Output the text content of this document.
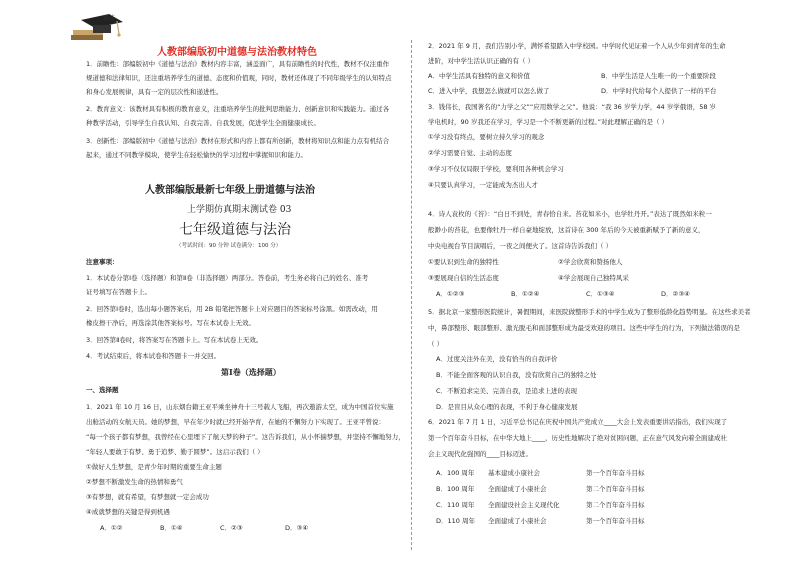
道法
人教部编版初中道德与法治教材特色
1．前瞻性：部编版初中《道德与法治》教材内容丰富，涵盖面广，具有前瞻性的时代性，教材不仅注重作
规道德和法律知识，还注重培养学生的道德、态度和价值观，同时，教材还体现了不同年级学生的认知特点
和身心发展规律，具有一定的层次性和递进性。
2．教育意义：该教材具有积极的教育意义，注重培养学生的批判思维能力、创新意识和实践能力。通过各
种教学活动，引导学生自我认知、自我完善、自我发展，促进学生全面健康成长。
3．创新性：部编版初中《道德与法治》教材在形式和内容上都有所创新，教材将知识点和能力点有机结合
起来，通过不同教学模块，使学生在轻松愉快的学习过程中掌握知识和能力。
人教部编版最新七年级上册道德与法治
上学期仿真期末测试卷 03
七年级道德与法治
（考试时间：90 分钟 试卷满分：100 分）
注意事项：
1．本试卷分第Ⅰ卷（选择题）和第Ⅱ卷（非选择题）两部分。答卷前，考生务必将自己的姓名、准考
证号填写在答题卡上。
2．回答第Ⅰ卷时，选出每小题答案后，用 2B 铅笔把答题卡上对应题目的答案标号涂黑。如需改动，用
橡皮擦干净后，再选涂其他答案标号。写在本试卷上无效。
3．回答第Ⅱ卷时，将答案写在答题卡上。写在本试卷上无效。
4．考试结束后，将本试卷和答题卡一并交回。
第Ⅰ卷（选择题）
一、选择题
1．2021 年 10 月 16 日，山东烟台籍王亚平乘坐神舟十三号载人飞船，再次遨游太空，成为中国首位实施
出舱活动的女航天员。她的梦想，早在年少时就已经开始孕育，在她的不懈努力下实现了。王亚平曾说：
“每一个孩子都有梦想，我曾经在心里埋下了航天梦的种子”。这告诉我们，从小怀揣梦想，并坚持不懈地努力，
“年轻人要敢于有梦、勇于追梦、勤于圆梦”。这启示我们（ ）
①做好人生梦想，是青少年时期的重要生命主题
②梦想不断激发生命的热情和勇气
③有梦想，就有希望，有梦想就一定会成功
④成就梦想的关键是得到机遇
A．①②	B．①④	C．②③	D．③④
2．2021 年 9 月，我们告别小学，满怀希望踏入中学校园。中学时代见证着一个人从少年到青年的生命
进阶，对中学生活认识正确的有（ ）
A．中学生活具有独特的意义和价值	B．中学生活是人生唯一的一个重要阶段
C．进入中学，我想怎么做就可以怎么做了	D．中学时代给每个人提供了一样的平台
3．钱伟长，我国著名的“力学之父”“应用数学之父”。他说：“我 36 岁学力学，44 岁学俄语，58 岁
学电机时，90 岁我还在学习，学习是一个不断更新的过程。”对此理解正确的是（ ）
①学习没有终点，要树立持久学习的观念
②学习需要自觉、主动的态度
③学习不仅仅局限于学校，要利用各种机会学习
④只要认真学习，一定能成为杰出人才
4．诗人袁枚的《苔》：“白日不到处，青春恰自来。苔花如米小，也学牡丹开。”表达了既然如米粒一
般渺小的苔花，也要像牡丹一样自豪地绽放，这首诗在 300 年后的今天被重新赋予了新的意义，
中央电视台节目演唱后，一夜之间便火了。这首诗告诉我们（ ）
①要认识到生命的独特性	②学会欣赏和赞扬他人
③要展现自信的生活态度	④学会展现自己独特风采
A．①②③	B．①②④	C．①③④	D．②③④
5．据北京一家整形医院统计，暑假期间，来医院做整形手术的中学生成为了整形低龄化趋势明显。在这些求美者
中，鼻部整形、眼部整形、激光脱毛和面部整形成为最受欢迎的项目。这些中学生的行为，下列做法错误的是
（ ）
A．过度关注外在美，没有恰当的自我评价
B．不能全面客观的认识自我，没有欣赏自己的独特之处
C．不断追求完美、完善自我，是追求上进的表现
D．是盲目从众心理的表现，不利于身心健康发展
6．2021 年 7 月 1 日，习近平总书记在庆祝中国共产党成立____大会上发表重要讲话指出，我们实现了
第一个百年奋斗目标，在中华大地上____，历史性地解决了绝对贫困问题，正在意气风发向着全面建成社
会主义现代化强国的____目标迈进。
A．100 周年 基本建成小康社会	第一个百年奋斗目标
B．100 周年 全面建成了小康社会	第二个百年奋斗目标
C．110 周年 全面建设社会主义现代化	第二个百年奋斗目标
D．110 周年 全面建成了小康社会	第一个百年奋斗目标
